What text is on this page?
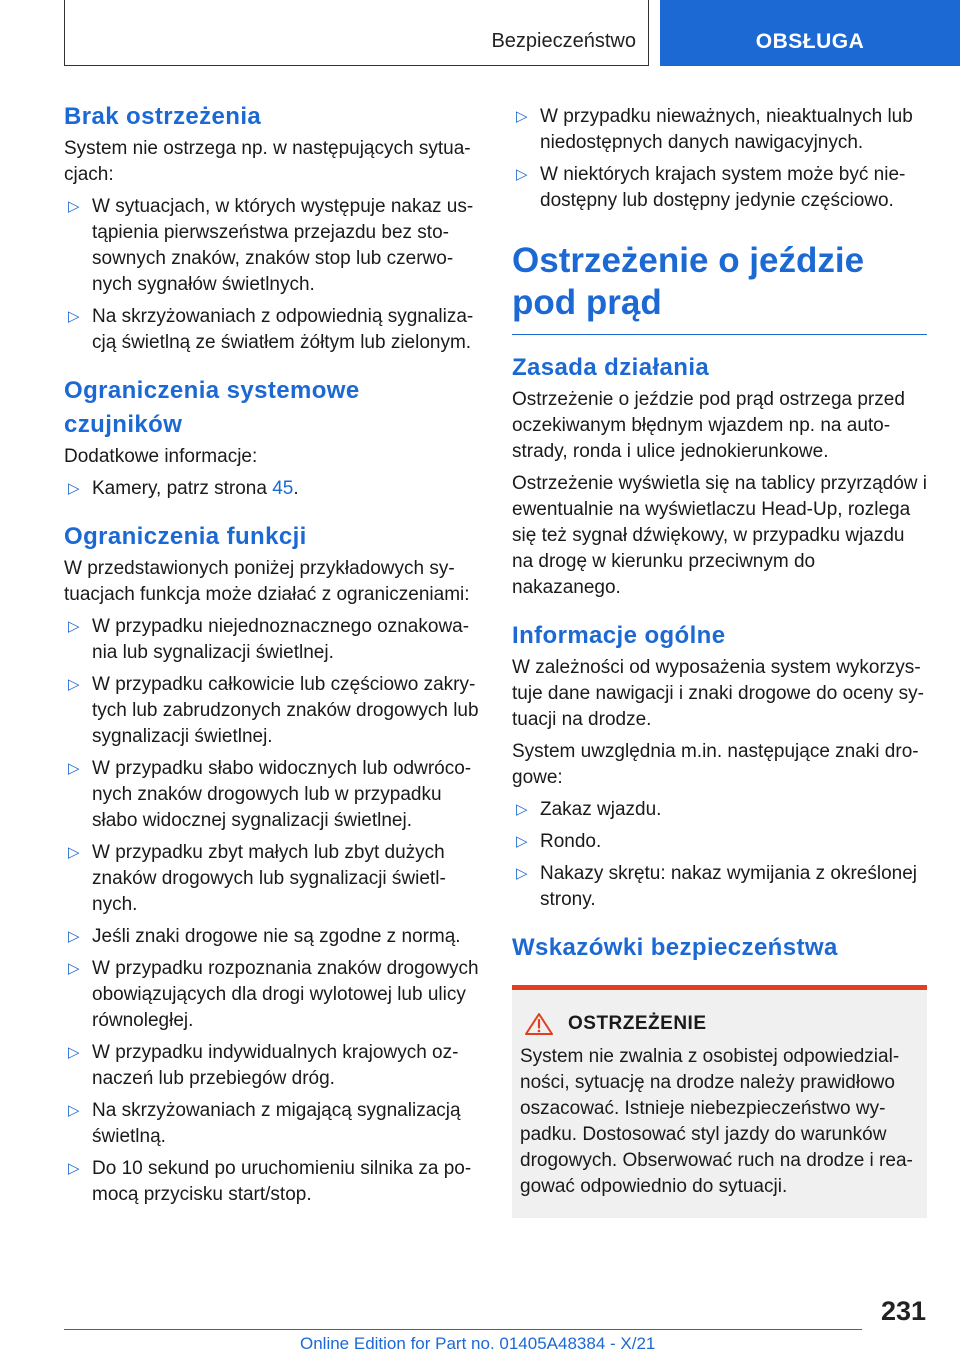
Bezpieczeństwo	OBSŁUGA
Brak ostrzeżenia

System nie ostrzega np. w następujących sytuacjach:

▷ W sytuacjach, w których występuje nakaz ustąpienia pierwszeństwa przejazdu bez stosownych znaków, znaków stop lub czerwonych sygnałów świetlnych.
▷ Na skrzyżowaniach z odpowiednią sygnalizacją świetlną ze światłem żółtym lub zielonym.
Ograniczenia systemowe czujników

Dodatkowe informacje:

▷ Kamery, patrz strona 45.
Ograniczenia funkcji

W przedstawionych poniżej przykładowych sytuacjach funkcja może działać z ograniczeniami:

▷ W przypadku niejednoznacznego oznakowania lub sygnalizacji świetlnej.
▷ W przypadku całkowicie lub częściowo zakrytych lub zabrudzonych znaków drogowych lub sygnalizacji świetlnej.
▷ W przypadku słabo widocznych lub odwróconych znaków drogowych lub w przypadku słabo widocznej sygnalizacji świetlnej.
▷ W przypadku zbyt małych lub zbyt dużych znaków drogowych lub sygnalizacji świetlnych.
▷ Jeśli znaki drogowe nie są zgodne z normą.
▷ W przypadku rozpoznania znaków drogowych obowiązujących dla drogi wylotowej lub ulicy równoległej.
▷ W przypadku indywidualnych krajowych oznaczeń lub przebiegów dróg.
▷ Na skrzyżowaniach z migającą sygnalizacją świetlną.
▷ Do 10 sekund po uruchomieniu silnika za pomocą przycisku start/stop.
▷ W przypadku nieważnych, nieaktualnych lub niedostępnych danych nawigacyjnych.
▷ W niektórych krajach system może być niedostępny lub dostępny jedynie częściowo.
Ostrzeżenie o jeździe pod prąd
Zasada działania

Ostrzeżenie o jeździe pod prąd ostrzega przed oczekiwanym błędnym wjazdem np. na autostrady, ronda i ulice jednokierunkowe.

Ostrzeżenie wyświetla się na tablicy przyrządów i ewentualnie na wyświetlaczu Head-Up, rozlega się też sygnał dźwiękowy, w przypadku wjazdu na drogę w kierunku przeciwnym do nakazanego.

Informacje ogólne

W zależności od wyposażenia system wykorzystuje dane nawigacji i znaki drogowe do oceny sytuacji na drodze.

System uwzględnia m.in. następujące znaki drogowe:

▷ Zakaz wjazdu.
▷ Rondo.
▷ Nakazy skrętu: nakaz wymijania z określonej strony.
Wskazówki bezpieczeństwa
OSTRZEŻENIE

System nie zwalnia z osobistej odpowiedzialności, sytuację na drodze należy prawidłowo oszacować. Istnieje niebezpieczeństwo wypadku. Dostosować styl jazdy do warunków drogowych. Obserwować ruch na drodze i reagować odpowiednio do sytuacji.

231
Online Edition for Part no. 01405A48384 - X/21
